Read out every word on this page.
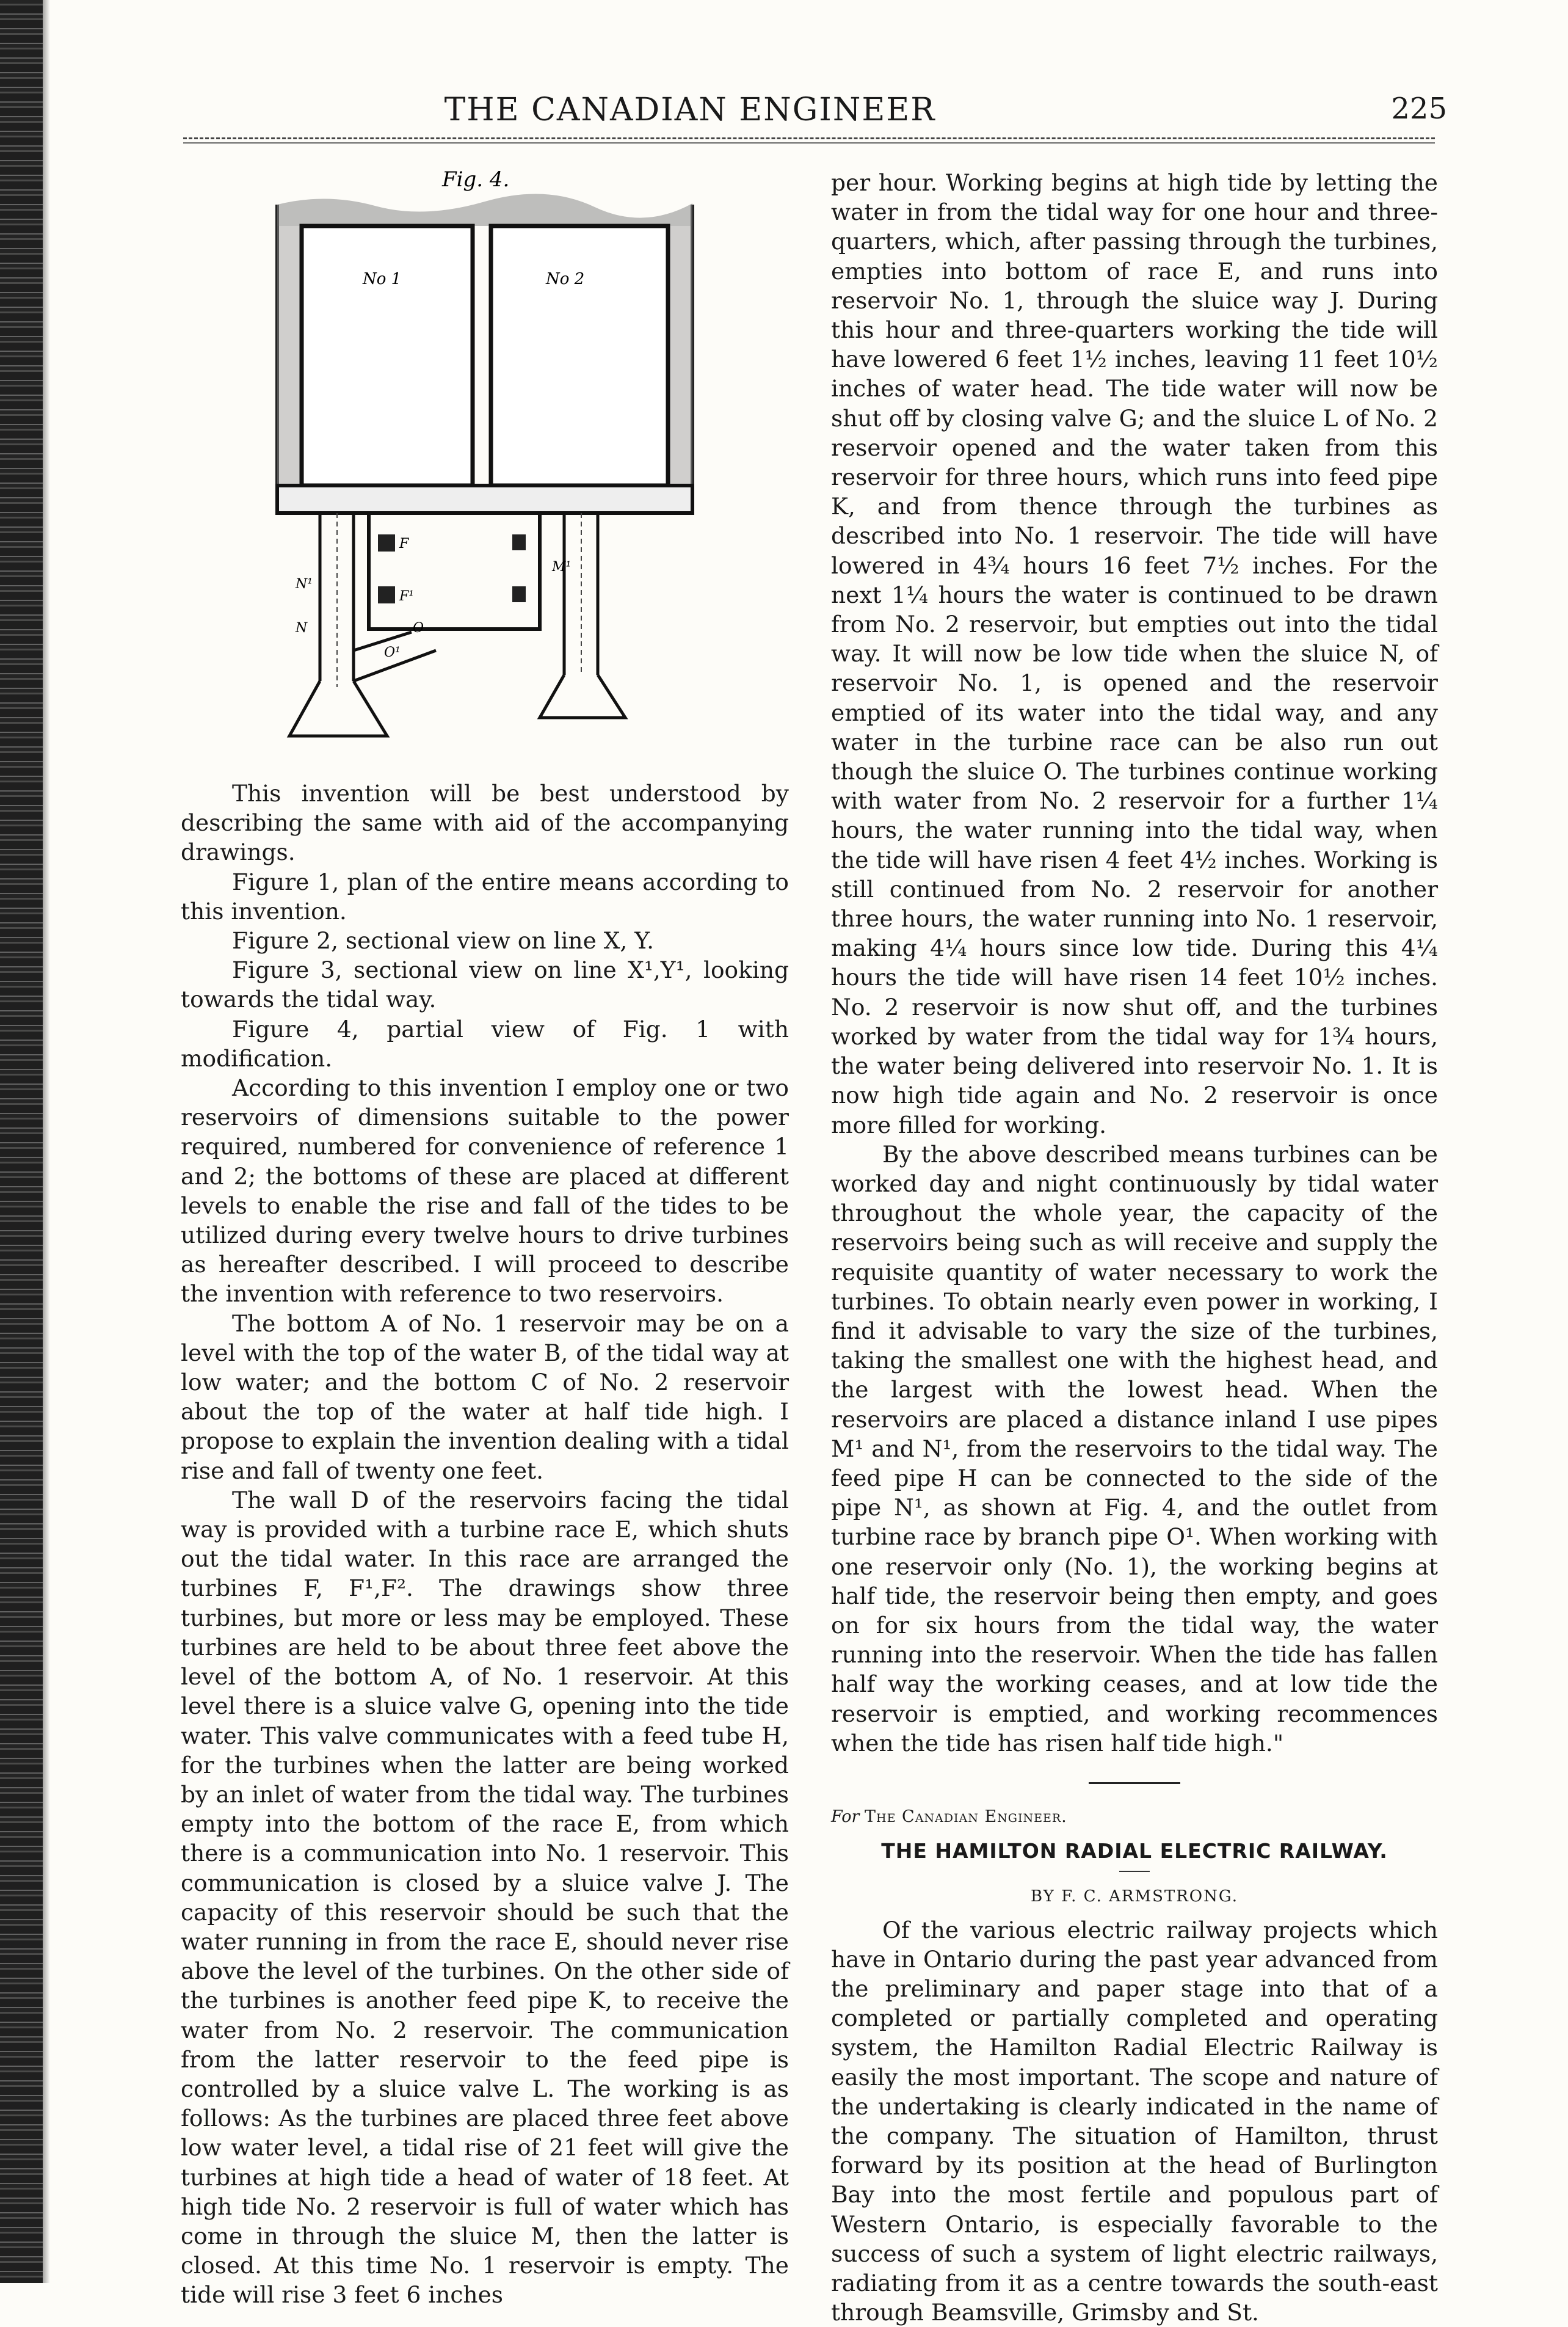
THE CANADIAN ENGINEER	225
Fig. 4.
No 1	No 2
F
F¹
O
N¹
N
M¹
O¹

This invention will be best understood by describing the same with aid of the accompanying drawings.

Figure 1, plan of the entire means according to this invention.

Figure 2, sectional view on line X, Y.

Figure 3, sectional view on line X¹,Y¹, looking towards the tidal way.

Figure 4, partial view of Fig. 1 with modification.

According to this invention I employ one or two reservoirs of dimensions suitable to the power required, numbered for convenience of reference 1 and 2; the bottoms of these are placed at different levels to enable the rise and fall of the tides to be utilized during every twelve hours to drive turbines as hereafter described. I will proceed to describe the invention with reference to two reservoirs.

The bottom A of No. 1 reservoir may be on a level with the top of the water B, of the tidal way at low water; and the bottom C of No. 2 reservoir about the top of the water at half tide high. I propose to explain the invention dealing with a tidal rise and fall of twenty one feet.

The wall D of the reservoirs facing the tidal way is provided with a turbine race E, which shuts out the tidal water. In this race are arranged the turbines F, F¹,F². The drawings show three turbines, but more or less may be employed. These turbines are held to be about three feet above the level of the bottom A, of No. 1 reservoir. At this level there is a sluice valve G, opening into the tide water. This valve communicates with a feed tube H, for the turbines when the latter are being worked by an inlet of water from the tidal way. The turbines empty into the bottom of the race E, from which there is a communication into No. 1 reservoir. This communication is closed by a sluice valve J. The capacity of this reservoir should be such that the water running in from the race E, should never rise above the level of the turbines. On the other side of the turbines is another feed pipe K, to receive the water from No. 2 reservoir. The communication from the latter reservoir to the feed pipe is controlled by a sluice valve L. The working is as follows: As the turbines are placed three feet above low water level, a tidal rise of 21 feet will give the turbines at high tide a head of water of 18 feet. At high tide No. 2 reservoir is full of water which has come in through the sluice M, then the latter is closed. At this time No. 1 reservoir is empty. The tide will rise 3 feet 6 inches

per hour. Working begins at high tide by letting the water in from the tidal way for one hour and three-quarters, which, after passing through the turbines, empties into bottom of race E, and runs into reservoir No. 1, through the sluice way J. During this hour and three-quarters working the tide will have lowered 6 feet 1½ inches, leaving 11 feet 10½ inches of water head. The tide water will now be shut off by closing valve G; and the sluice L of No. 2 reservoir opened and the water taken from this reservoir for three hours, which runs into feed pipe K, and from thence through the turbines as described into No. 1 reservoir. The tide will have lowered in 4¾ hours 16 feet 7½ inches. For the next 1¼ hours the water is continued to be drawn from No. 2 reservoir, but empties out into the tidal way. It will now be low tide when the sluice N, of reservoir No. 1, is opened and the reservoir emptied of its water into the tidal way, and any water in the turbine race can be also run out though the sluice O. The turbines continue working with water from No. 2 reservoir for a further 1¼ hours, the water running into the tidal way, when the tide will have risen 4 feet 4½ inches. Working is still continued from No. 2 reservoir for another three hours, the water running into No. 1 reservoir, making 4¼ hours since low tide. During this 4¼ hours the tide will have risen 14 feet 10½ inches. No. 2 reservoir is now shut off, and the turbines worked by water from the tidal way for 1¾ hours, the water being delivered into reservoir No. 1. It is now high tide again and No. 2 reservoir is once more filled for working.

By the above described means turbines can be worked day and night continuously by tidal water throughout the whole year, the capacity of the reservoirs being such as will receive and supply the requisite quantity of water necessary to work the turbines. To obtain nearly even power in working, I find it advisable to vary the size of the turbines, taking the smallest one with the highest head, and the largest with the lowest head. When the reservoirs are placed a distance inland I use pipes M¹ and N¹, from the reservoirs to the tidal way. The feed pipe H can be connected to the side of the pipe N¹, as shown at Fig. 4, and the outlet from turbine race by branch pipe O¹. When working with one reservoir only (No. 1), the working begins at half tide, the reservoir being then empty, and goes on for six hours from the tidal way, the water running into the reservoir. When the tide has fallen half way the working ceases, and at low tide the reservoir is emptied, and working recommences when the tide has risen half tide high."

For The Canadian Engineer.
THE HAMILTON RADIAL ELECTRIC RAILWAY.
BY F. C. ARMSTRONG.

Of the various electric railway projects which have in Ontario during the past year advanced from the preliminary and paper stage into that of a completed or partially completed and operating system, the Hamilton Radial Electric Railway is easily the most important. The scope and nature of the undertaking is clearly indicated in the name of the company. The situation of Hamilton, thrust forward by its position at the head of Burlington Bay into the most fertile and populous part of Western Ontario, is especially favorable to the success of such a system of light electric railways, radiating from it as a centre towards the south-east through Beamsville, Grimsby and St.
